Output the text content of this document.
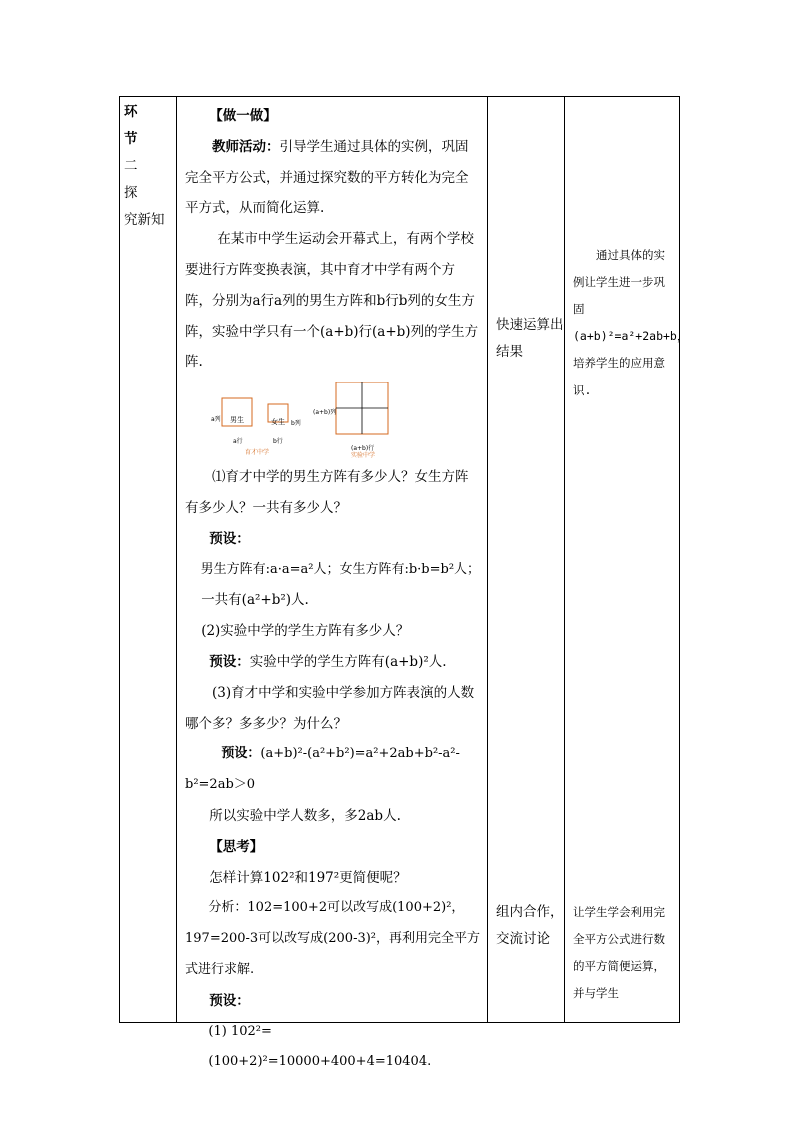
环 节
二 探
究新知

【做一做】

教师活动：引导学生通过具体的实例，巩固完全平方公式，并通过探究数的平方转化为完全平方式，从而简化运算.

在某市中学生运动会开幕式上，有两个学校要进行方阵变换表演，其中育才中学有两个方阵，分别为a行a列的男生方阵和b行b列的女生方阵，实验中学只有一个(a+b)行(a+b)列的学生方阵.

a列 男生
a行
女生 b列
b行
育才中学
(a+b)列
(a+b)行
实验中学

⑴育才中学的男生方阵有多少人？女生方阵有多少人？一共有多少人？

预设：

男生方阵有:a·a=a²人；女生方阵有:b·b=b²人；

一共有(a²+b²)人.

(2)实验中学的学生方阵有多少人？

预设：实验中学的学生方阵有(a+b)²人.

(3)育才中学和实验中学参加方阵表演的人数哪个多？多多少？为什么？

预设：(a+b)²-(a²+b²)=a²+2ab+b²-a²-b²=2ab＞0

所以实验中学人数多，多2ab人.

【思考】

怎样计算102²和197²更简便呢？

分析：102=100+2可以改写成(100+2)²，197=200-3可以改写成(200-3)²，再利用完全平方式进行求解.

预设：

(1) 102²=(100+2)²=10000+400+4=10404.

快速运算出结果
组内合作，交流讨论
通过具体的实例让学生进一步巩固(a+b)²=a²+2ab+b，培养学生的应用意识.
让学生学会利用完全平方公式进行数的平方简便运算，并与学生
